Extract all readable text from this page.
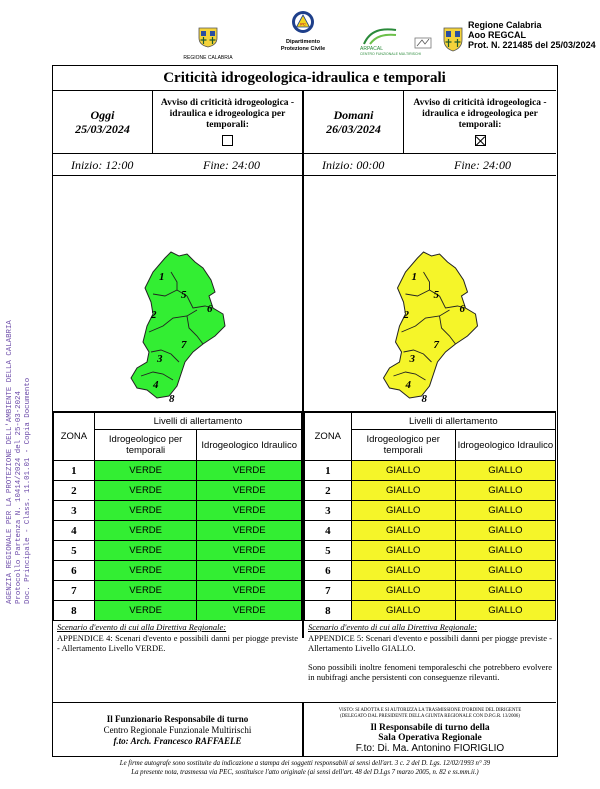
REGIONE CALABRIA
PC
Dipartimento
Protezione Civile	ARPACAL
CENTRO FUNZIONALE MULTIRISCHI
Regione Calabria
Aoo REGCAL
Prot. N. 221485 del 25/03/2024
AGENZIA REGIONALE PER LA PROTEZIONE DELL'AMBIENTE DELLA CALABRIA Protocollo Partenza N. 10414/2024 del 25-03-2024 Doc. Principale - Class. 11.01.01 - Copia Documento
Criticità idrogeologica-idraulica e temporali
Oggi
25/03/2024
Avviso di criticità idrogeologica - idraulica e idrogeologica per temporali:
Inizio: 12:00	Fine: 24:00
1
2
3
4
5
6
7
8
ZONA	Livelli di allertamento	
	Idrogeologico per temporali	Idrogeologico Idraulico
1	VERDE	VERDE
2	VERDE	VERDE
3	VERDE	VERDE
4	VERDE	VERDE
5	VERDE	VERDE
6	VERDE	VERDE
7	VERDE	VERDE
8	VERDE	VERDE
Domani
26/03/2024
Avviso di criticità idrogeologica - idraulica e idrogeologica per temporali:
Inizio: 00:00	Fine: 24:00
1
2
3
4
5
6
7
8
ZONA	Livelli di allertamento	
	Idrogeologico per temporali	Idrogeologico Idraulico
1	GIALLO	GIALLO
2	GIALLO	GIALLO
3	GIALLO	GIALLO
4	GIALLO	GIALLO
5	GIALLO	GIALLO
6	GIALLO	GIALLO
7	GIALLO	GIALLO
8	GIALLO	GIALLO

Scenario d'evento di cui alla Direttiva Regionale:

APPENDICE 4: Scenari d'evento e possibili danni per piogge previste - Allertamento Livello VERDE.

Scenario d'evento di cui alla Direttiva Regionale:

APPENDICE 5: Scenari d'evento e possibili danni per piogge previste - Allertamento Livello GIALLO.

Sono possibili inoltre fenomeni temporaleschi che potrebbero evolvere in nubifragi anche persistenti con conseguenze rilevanti.

Il Funzionario Responsabile di turno
Centro Regionale Funzionale Multirischi
f.to: Arch. Francesco RAFFAELE
VISTO: SI ADOTTA E SI AUTORIZZA LA TRASMISSIONE D'ORDINE DEL DIRIGENTE
(DELEGATO DAL PRESIDENTE DELLA GIUNTA REGIONALE CON D.P.G.R. 13/2006)
Il Responsabile di turno della
Sala Operativa Regionale
F.to: Di. Ma. Antonino FIORIGLIO
Le firme autografe sono sostituite da indicazione a stampa dei soggetti responsabili ai sensi dell'art. 3 c. 2 del D. Lgs. 12/02/1993 n° 39
La presente nota, trasmessa via PEC, sostituisce l'atto originale (ai sensi dell'art. 48 del D.Lgs 7 marzo 2005, n. 82 e ss.mm.ii.)
